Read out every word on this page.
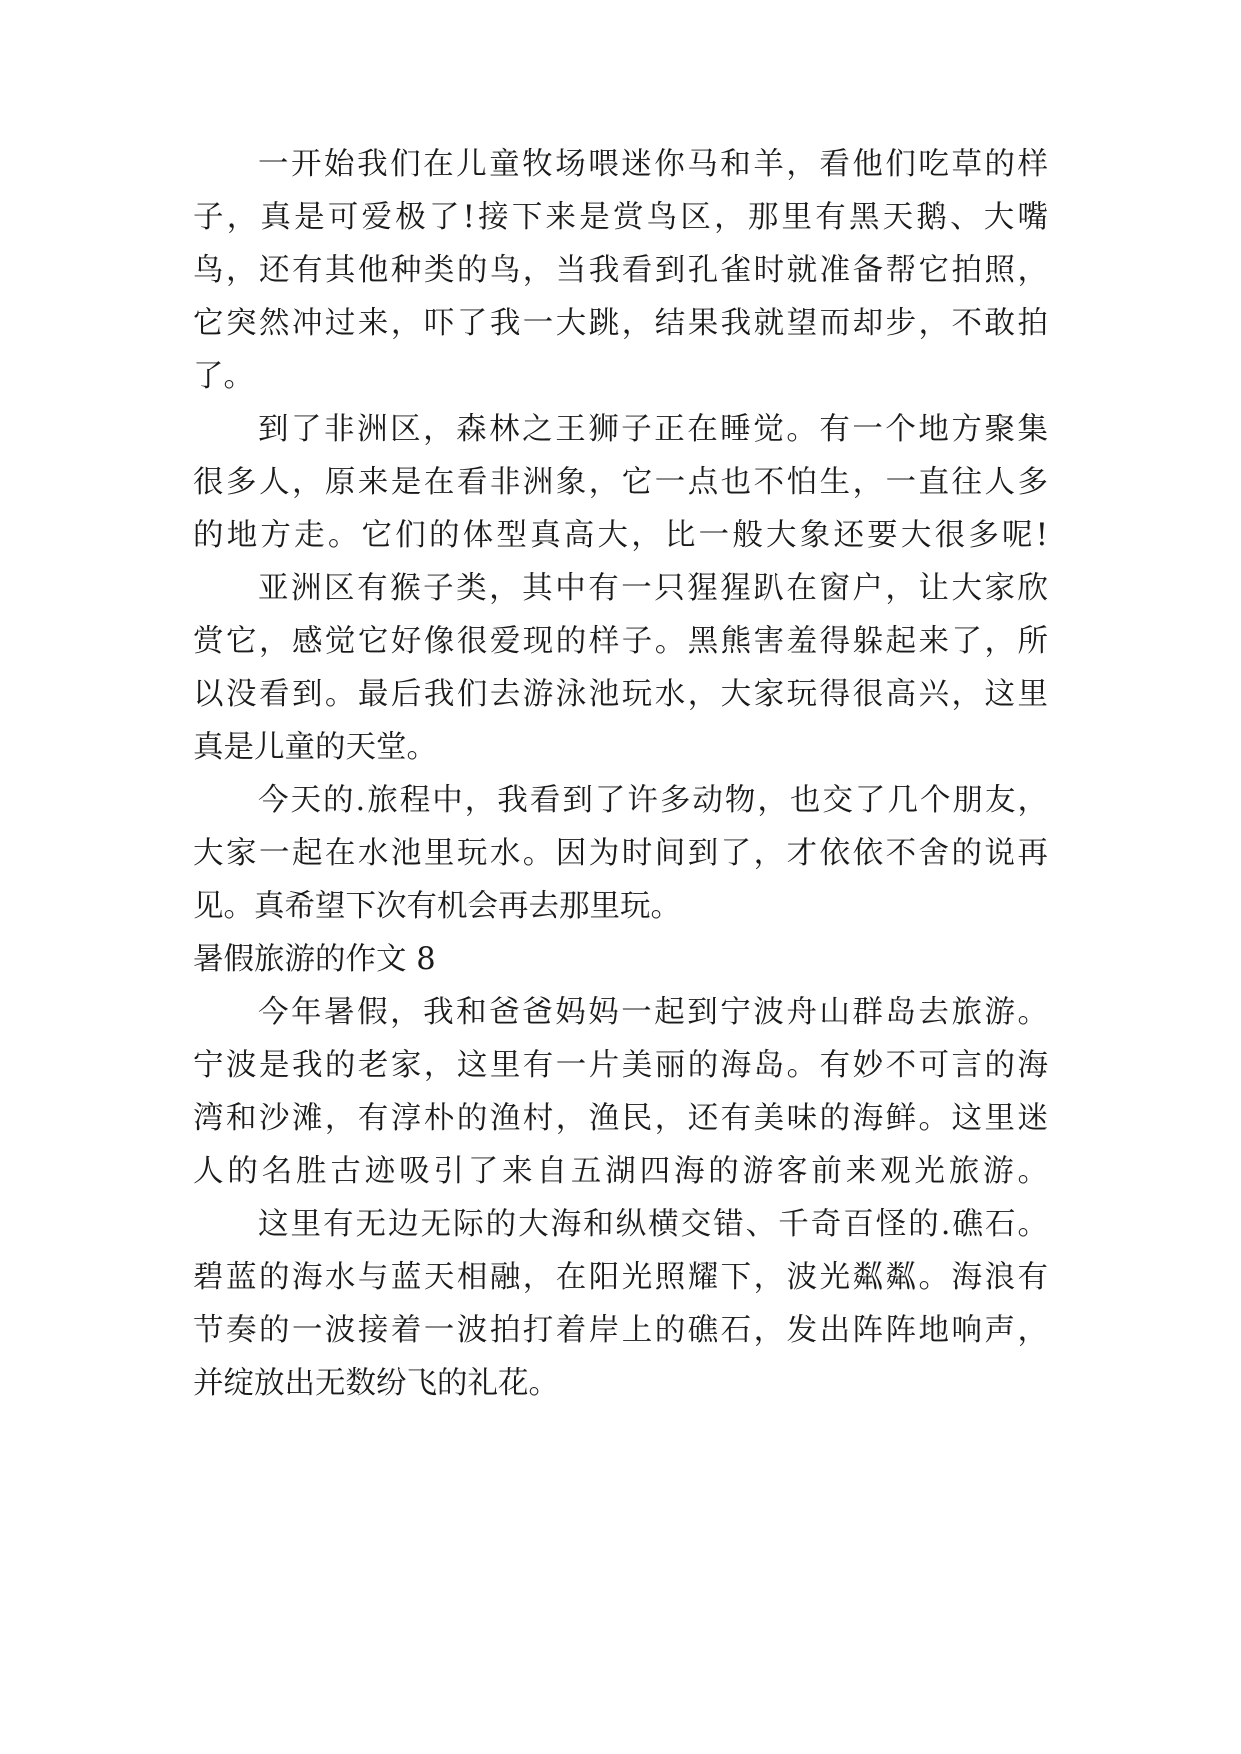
一开始我们在儿童牧场喂迷你马和羊，看他们吃草的样
子，真是可爱极了!接下来是赏鸟区，那里有黑天鹅、大嘴
鸟，还有其他种类的鸟，当我看到孔雀时就准备帮它拍照，
它突然冲过来，吓了我一大跳，结果我就望而却步，不敢拍
了。
到了非洲区，森林之王狮子正在睡觉。有一个地方聚集
很多人，原来是在看非洲象，它一点也不怕生，一直往人多
的地方走。它们的体型真高大，比一般大象还要大很多呢!
亚洲区有猴子类，其中有一只猩猩趴在窗户，让大家欣
赏它，感觉它好像很爱现的样子。黑熊害羞得躲起来了，所
以没看到。最后我们去游泳池玩水，大家玩得很高兴，这里
真是儿童的天堂。
今天的.旅程中，我看到了许多动物，也交了几个朋友，
大家一起在水池里玩水。因为时间到了，才依依不舍的说再
见。真希望下次有机会再去那里玩。
暑假旅游的作文 8
今年暑假，我和爸爸妈妈一起到宁波舟山群岛去旅游。
宁波是我的老家，这里有一片美丽的海岛。有妙不可言的海
湾和沙滩，有淳朴的渔村，渔民，还有美味的海鲜。这里迷
人的名胜古迹吸引了来自五湖四海的游客前来观光旅游。
这里有无边无际的大海和纵横交错、千奇百怪的.礁石。
碧蓝的海水与蓝天相融，在阳光照耀下，波光粼粼。海浪有
节奏的一波接着一波拍打着岸上的礁石，发出阵阵地响声，
并绽放出无数纷飞的礼花。
